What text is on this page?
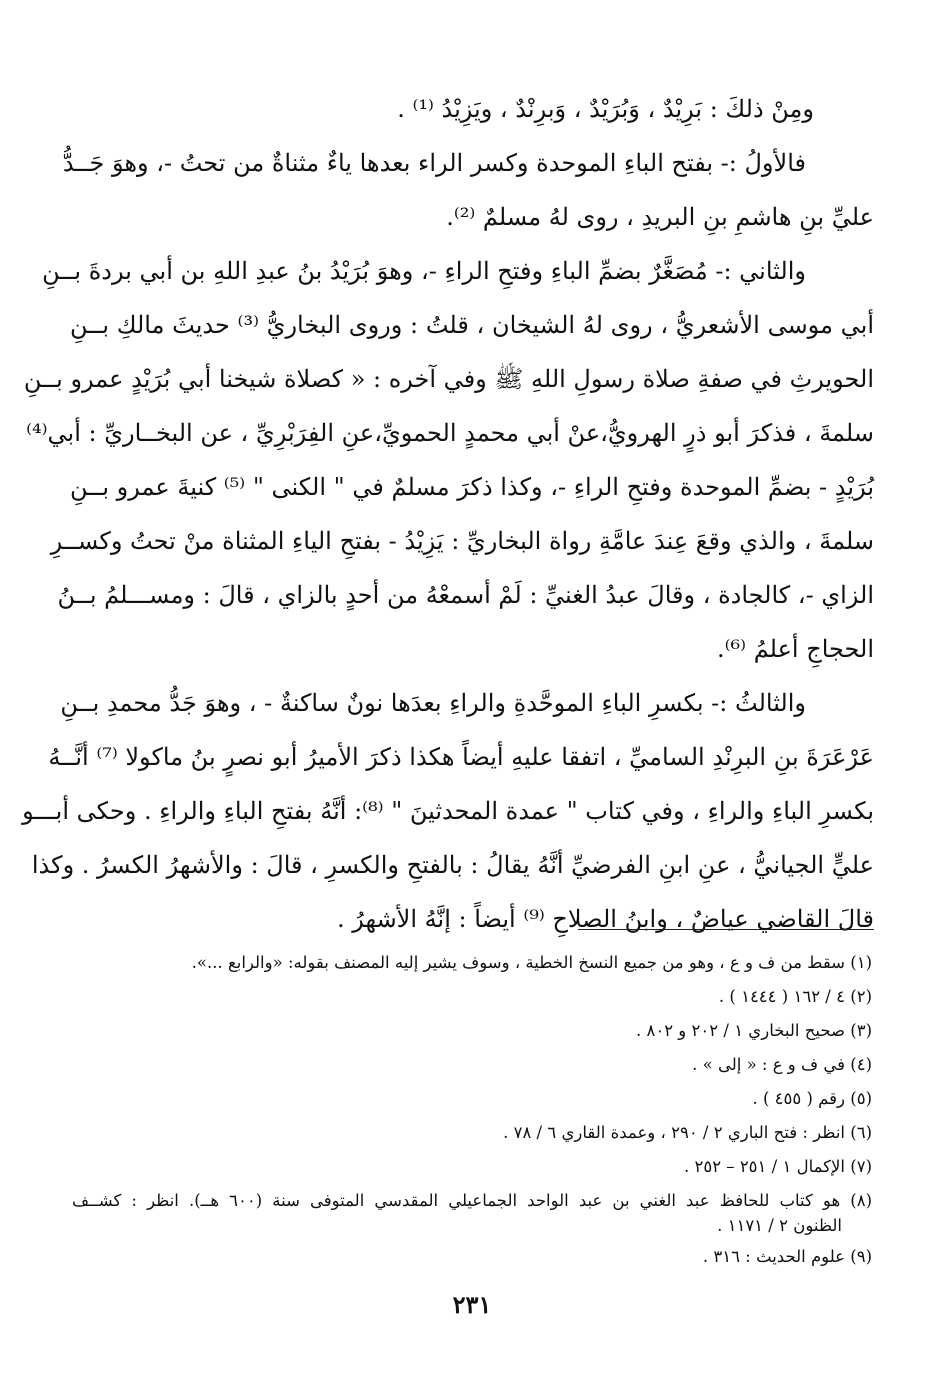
ومِنْ ذلكَ : بَرِيْدٌ ، وَبُرَيْدٌ ، وَبرِنْدٌ ، ويَزِيْدُ ⁽¹⁾ .
فالأولُ :- بفتح الباءِ الموحدة وكسر الراء بعدها ياءٌ مثناةٌ من تحتُ -، وهوَ جَــدُّ
عليِّ بنِ هاشمِ بنِ البريدِ ، روى لهُ مسلمٌ ⁽²⁾.
والثاني :- مُصَغَّرٌ بضمِّ الباءِ وفتحِ الراءِ -، وهوَ بُرَيْدُ بنُ عبدِ اللهِ بن أبي بردةَ بــنِ
أبي موسى الأشعريُّ ، روى لهُ الشيخان ، قلتُ : وروى البخاريُّ ⁽³⁾ حديثَ مالكِ بــنِ
الحويرثِ في صفةِ صلاة رسولِ اللهِ ﷺ وفي آخره : « كصلاة شيخنا أبي بُرَيْدٍ عمرو بــنِ
سلمةَ ، فذكرَ أبو ذرٍ الهرويُّ،عنْ أبي محمدٍ الحمويِّ،عنِ الفِرَبْرِيِّ ، عن البخــاريِّ : أبي⁽⁴⁾
بُرَيْدٍ - بضمِّ الموحدة وفتحِ الراءِ -، وكذا ذكرَ مسلمٌ في " الكنى " ⁽⁵⁾ كنيةَ عمرو بــنِ
سلمةَ ، والذي وقعَ عِندَ عامَّةِ رواة البخاريِّ : يَزِيْدُ - بفتحِ الياءِ المثناة منْ تحتُ وكســرِ
الزاي -، كالجادة ، وقالَ عبدُ الغنيِّ : لَمْ أسمعْهُ من أحدٍ بالزاي ، قالَ : ومســـلمُ بــنُ
الحجاجِ أعلمُ ⁽⁶⁾.
والثالثُ :- بكسرِ الباءِ الموحَّدةِ والراءِ بعدَها نونٌ ساكنةٌ - ، وهوَ جَدُّ محمدِ بــنِ
عَرْعَرَةَ بنِ البرِنْدِ الساميِّ ، اتفقا عليهِ أيضاً هكذا ذكرَ الأميرُ أبو نصرٍ بنُ ماكولا ⁽⁷⁾ أنَّــهُ
بكسرِ الباءِ والراءِ ، وفي كتاب " عمدة المحدثينَ " ⁽⁸⁾: أنَّهُ بفتحِ الباءِ والراءِ . وحكى أبـــو
عليٍّ الجيانيُّ ، عنِ ابنِ الفرضيِّ أنَّهُ يقالُ : بالفتحِ والكسرِ ، قالَ : والأشهرُ الكسرُ . وكذا
قالَ القاضي عياضٌ ، وابنُ الصلاحِ ⁽⁹⁾ أيضاً : إنَّهُ الأشهرُ .
(١) سقط من ف و ع ، وهو من جميع النسخ الخطية ، وسوف يشير إليه المصنف بقوله: «والرابع ...».
(٢) ٤ / ١٦٢ ( ١٤٤٤ ) .
(٣) صحيح البخاري ١ / ٢٠٢ و ٨٠٢ .
(٤) في ف و ع : « إلى » .
(٥) رقم ( ٤٥٥ ) .
(٦) انظر : فتح الباري ٢ / ٢٩٠ ، وعمدة القاري ٦ / ٧٨ .
(٧) الإكمال ١ / ٢٥١ – ٢٥٢ .
(٨) هو كتاب للحافظ عبد الغني بن عبد الواحد الجماعيلي المقدسي المتوفى سنة (٦٠٠ هــ). انظر : كشــف
الظنون ٢ / ١١٧١ .
(٩) علوم الحديث : ٣١٦ .
٢٣١
